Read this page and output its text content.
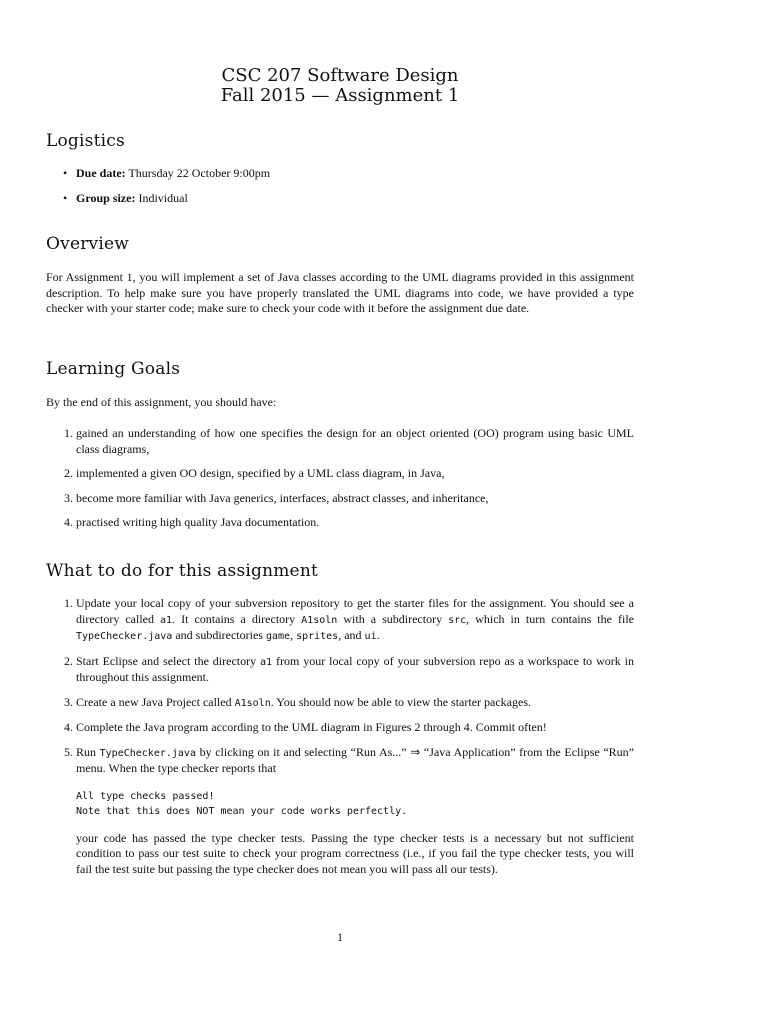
CSC 207 Software Design
Fall 2015 — Assignment 1
Logistics
• Due date: Thursday 22 October 9:00pm
• Group size: Individual
Overview

For Assignment 1, you will implement a set of Java classes according to the UML diagrams provided in this assignment description. To help make sure you have properly translated the UML diagrams into code, we have provided a type checker with your starter code; make sure to check your code with it before the assignment due date.

Learning Goals

By the end of this assignment, you should have:

1. gained an understanding of how one specifies the design for an object oriented (OO) program using basic UML class diagrams,
2. implemented a given OO design, specified by a UML class diagram, in Java,
3. become more familiar with Java generics, interfaces, abstract classes, and inheritance,
4. practised writing high quality Java documentation.
What to do for this assignment
1. Update your local copy of your subversion repository to get the starter files for the assignment. You should see a directory called a1. It contains a directory A1soln with a subdirectory src, which in turn contains the file TypeChecker.java and subdirectories game, sprites, and ui.
2. Start Eclipse and select the directory a1 from your local copy of your subversion repo as a workspace to work in throughout this assignment.
3. Create a new Java Project called A1soln. You should now be able to view the starter packages.
4. Complete the Java program according to the UML diagram in Figures 2 through 4. Commit often!
5. Run TypeChecker.java by clicking on it and selecting “Run As...” ⇒ “Java Application” from the Eclipse “Run” menu. When the type checker reports that
All type checks passed!
Note that this does NOT mean your code works perfectly.
your code has passed the type checker tests. Passing the type checker tests is a necessary but not sufficient condition to pass our test suite to check your program correctness (i.e., if you fail the type checker tests, you will fail the test suite but passing the type checker does not mean you will pass all our tests).
1
